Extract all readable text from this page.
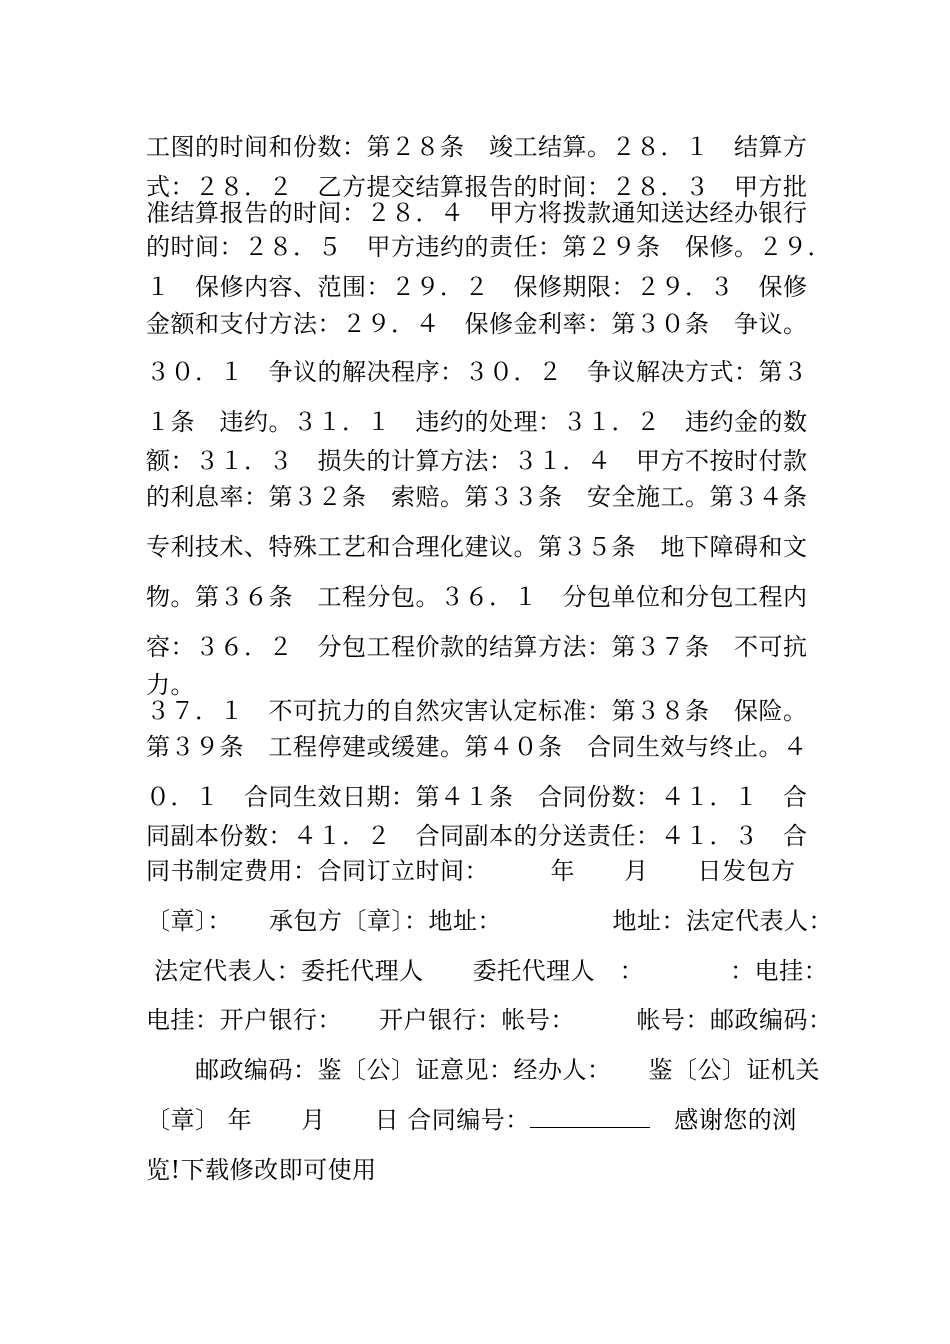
工图的时间和份数：第２８条　竣工结算。２８．１　结算方
式：２８．２　乙方提交结算报告的时间：２８．３　甲方批
准结算报告的时间：２８．４　甲方将拨款通知送达经办银行
的时间：２８．５　甲方违约的责任：第２９条　保修。２９．
１　保修内容、范围：２９．２　保修期限：２９．３　保修
金额和支付方法：２９．４　保修金利率：第３０条　争议。
３０．１　争议的解决程序：３０．２　争议解决方式：第３
１条　违约。３１．１　违约的处理：３１．２　违约金的数
额：３１．３　损失的计算方法：３１．４　甲方不按时付款
的利息率：第３２条　索赔。第３３条　安全施工。第３４条
专利技术、特殊工艺和合理化建议。第３５条　地下障碍和文
物。第３６条　工程分包。３６．１　分包单位和分包工程内
容：３６．２　分包工程价款的结算方法：第３７条　不可抗
力。
３７．１　不可抗力的自然灾害认定标准：第３８条　保险。
第３９条　工程停建或缓建。第４０条　合同生效与终止。４
０．１　合同生效日期：第４１条　合同份数：４１．１　合
同副本份数：４１．２　合同副本的分送责任：４１．３　合
同书制定费用：合同订立时间：　　　年　　月　　日发包方
〔章〕：　　承包方〔章〕：地址：　　　　　地址：法定代表人：
法定代表人：委托代理人　　委托代理人　：　　　　：电挂：
电挂：开户银行：　　开户银行：帐号：　　　帐号：邮政编码：
　　邮政编码：鉴〔公〕证意见：经办人：　　鉴〔公〕证机关
〔章〕 年　　月　　日 合同编号：	　感谢您的浏
览!下载修改即可使用
